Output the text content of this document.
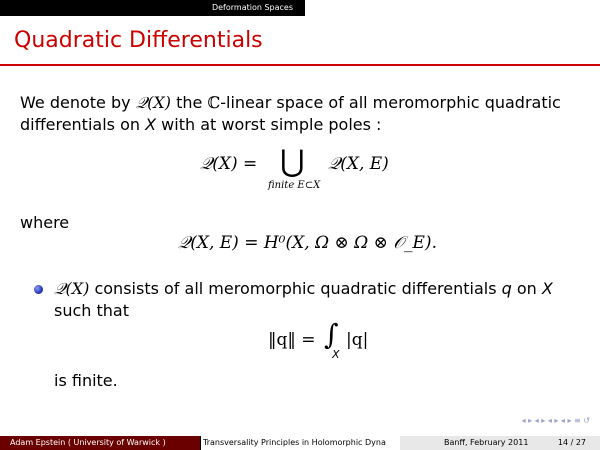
Deformation Spaces
Quadratic Differentials
We denote by 𝒬(X) the ℂ-linear space of all meromorphic quadratic
differentials on X with at worst simple poles :
𝒬(X) = ⋃
finite E⊂X
𝒬(X, E)
where
𝒬(X, E) = H⁰(X, Ω ⊗ Ω ⊗ 𝒪_E).
𝒬(X) consists of all meromorphic quadratic differentials q on X
such that
‖q‖ = ∫
X
|q|
is finite.
◂ ▸ ◂ ▸ ◂ ▸ ◂ ▸ ≡ ↺
Adam Epstein ( University of Warwick )	Transversality Principles in Holomorphic Dyna	Banff, February 2011	14 / 27
